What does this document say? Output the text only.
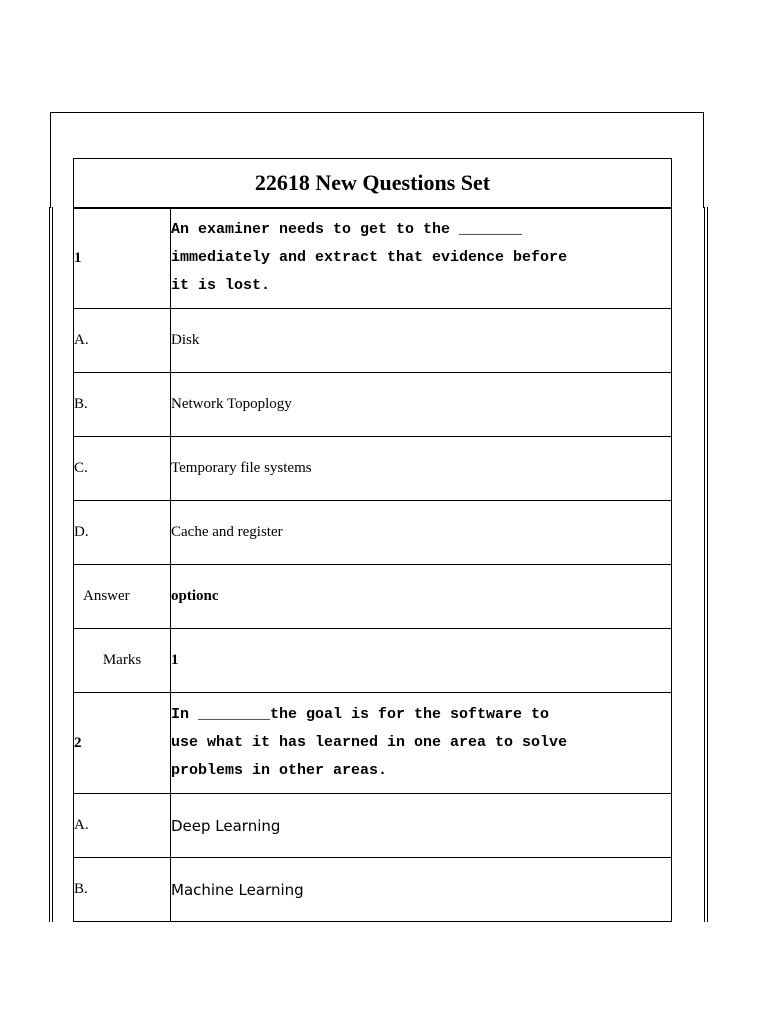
22618 New Questions Set
1	An examiner needs to get to the _______
immediately and extract that evidence before
it is lost.

A.	Disk
B.	Network Topoplogy
C.	Temporary file systems
D.	Cache and register
Answer	optionc
Marks	1
2	In ________the goal is for the software to
use what it has learned in one area to solve
problems in other areas.

A.	Deep Learning
B.	Machine Learning
